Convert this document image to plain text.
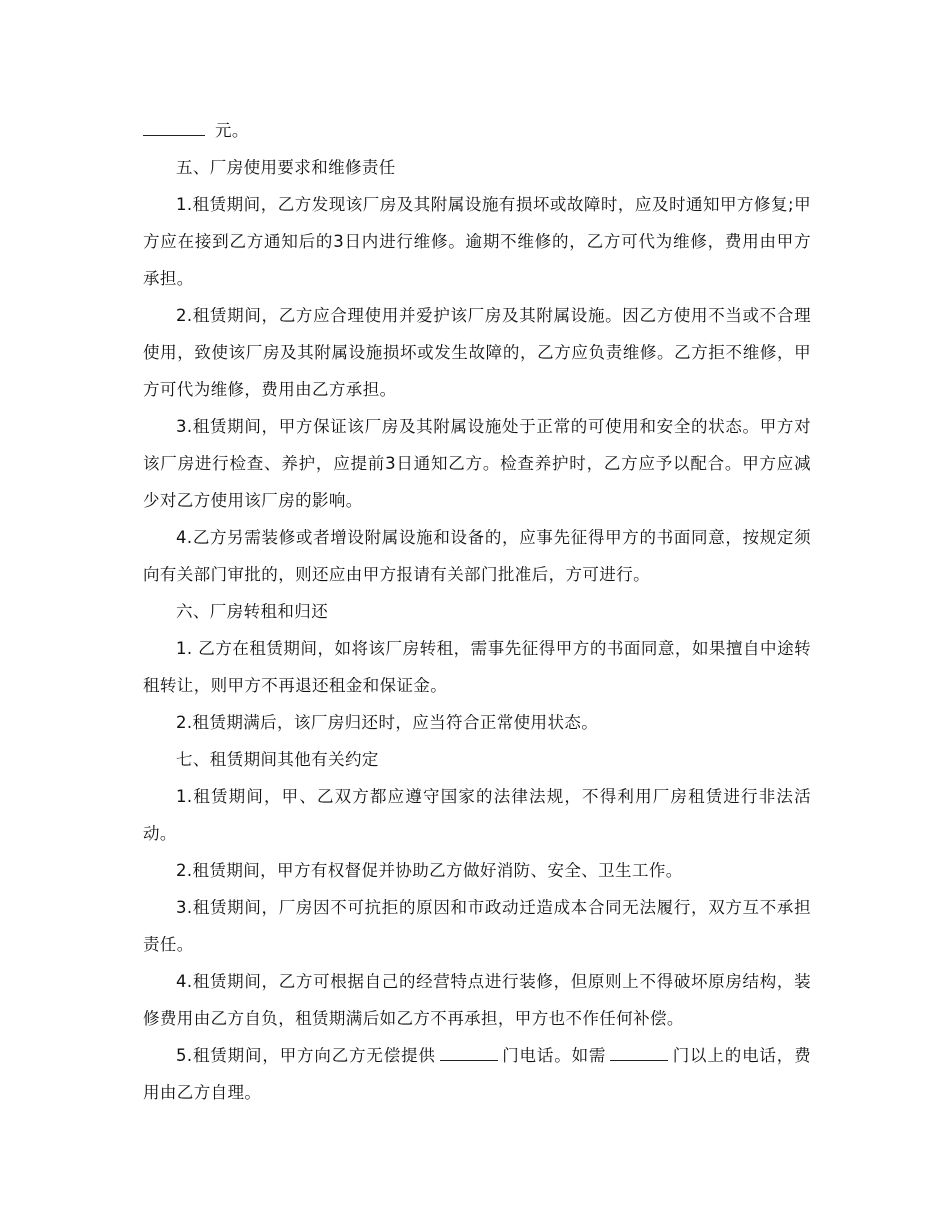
元。

五、厂房使用要求和维修责任

1.租赁期间，乙方发现该厂房及其附属设施有损坏或故障时，应及时通知甲方修复;甲方应在接到乙方通知后的3日内进行维修。逾期不维修的，乙方可代为维修，费用由甲方承担。

2.租赁期间，乙方应合理使用并爱护该厂房及其附属设施。因乙方使用不当或不合理使用，致使该厂房及其附属设施损坏或发生故障的，乙方应负责维修。乙方拒不维修，甲方可代为维修，费用由乙方承担。

3.租赁期间，甲方保证该厂房及其附属设施处于正常的可使用和安全的状态。甲方对该厂房进行检查、养护，应提前3日通知乙方。检查养护时，乙方应予以配合。甲方应减少对乙方使用该厂房的影响。

4.乙方另需装修或者增设附属设施和设备的，应事先征得甲方的书面同意，按规定须向有关部门审批的，则还应由甲方报请有关部门批准后，方可进行。

六、厂房转租和归还

1. 乙方在租赁期间，如将该厂房转租，需事先征得甲方的书面同意，如果擅自中途转租转让，则甲方不再退还租金和保证金。

2.租赁期满后，该厂房归还时，应当符合正常使用状态。

七、租赁期间其他有关约定

1.租赁期间，甲、乙双方都应遵守国家的法律法规，不得利用厂房租赁进行非法活动。

2.租赁期间，甲方有权督促并协助乙方做好消防、安全、卫生工作。

3.租赁期间，厂房因不可抗拒的原因和市政动迁造成本合同无法履行，双方互不承担责任。

4.租赁期间，乙方可根据自己的经营特点进行装修，但原则上不得破坏原房结构，装修费用由乙方自负，租赁期满后如乙方不再承担，甲方也不作任何补偿。

5.租赁期间，甲方向乙方无偿提供	门电话。如需	门以上的电话，费用由乙方自理。
